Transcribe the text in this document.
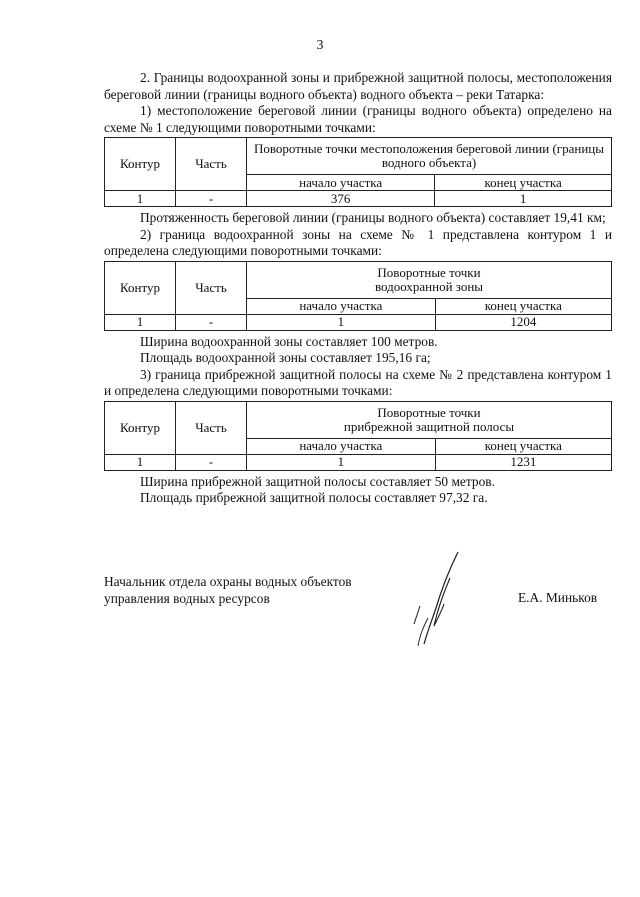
3

2. Границы водоохранной зоны и прибрежной защитной полосы, местоположения береговой линии (границы водного объекта) водного объекта – реки Татарка:

1) местоположение береговой линии (границы водного объекта) определено на схеме № 1 следующими поворотными точками:

Контур	Часть	Поворотные точки местоположения береговой линии (границы водного объекта)	
		начало участка	конец участка
1	-	376	1

Протяженность береговой линии (границы водного объекта) составляет 19,41 км;

2) граница водоохранной зоны на схеме № 1 представлена контуром 1 и определена следующими поворотными точками:

Контур	Часть	Поворотные точки
водоохранной зоны	

		начало участка	конец участка
1	-	1	1204

Ширина водоохранной зоны составляет 100 метров.

Площадь водоохранной зоны составляет 195,16 га;

3) граница прибрежной защитной полосы на схеме № 2 представлена контуром 1 и определена следующими поворотными точками:

Контур	Часть	Поворотные точки
прибрежной защитной полосы	

		начало участка	конец участка
1	-	1	1231

Ширина прибрежной защитной полосы составляет 50 метров.

Площадь прибрежной защитной полосы составляет 97,32 га.

Начальник отдела охраны водных объектов
управления водных ресурсов	Е.А. Миньков
